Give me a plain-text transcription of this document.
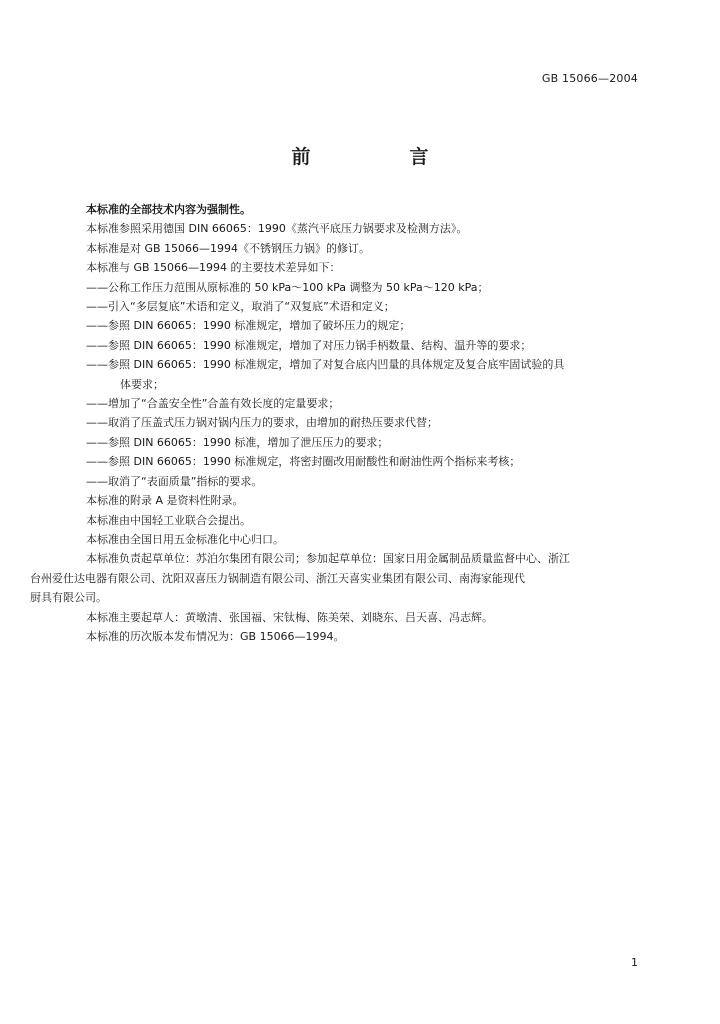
GB 15066—2004
前　言
本标准的全部技术内容为强制性。
本标准参照采用德国 DIN 66065：1990《蒸汽平底压力锅要求及检测方法》。
本标准是对 GB 15066—1994《不锈钢压力锅》的修订。
本标准与 GB 15066—1994 的主要技术差异如下：
——公称工作压力范围从原标准的 50 kPa～100 kPa 调整为 50 kPa～120 kPa；
——引入“多层复底”术语和定义，取消了“双复底”术语和定义；
——参照 DIN 66065：1990 标准规定，增加了破坏压力的规定；
——参照 DIN 66065：1990 标准规定，增加了对压力锅手柄数量、结构、温升等的要求；
——参照 DIN 66065：1990 标准规定，增加了对复合底内凹量的具体规定及复合底牢固试验的具
体要求；
——增加了“合盖安全性”合盖有效长度的定量要求；
——取消了压盖式压力锅对锅内压力的要求，由增加的耐热压要求代替；
——参照 DIN 66065：1990 标准，增加了泄压压力的要求；
——参照 DIN 66065：1990 标准规定，将密封圈改用耐酸性和耐油性两个指标来考核；
——取消了“表面质量”指标的要求。
本标准的附录 A 是资料性附录。
本标准由中国轻工业联合会提出。
本标准由全国日用五金标准化中心归口。
本标准负责起草单位：苏泊尔集团有限公司；参加起草单位：国家日用金属制品质量监督中心、浙江
台州爱仕达电器有限公司、沈阳双喜压力锅制造有限公司、浙江天喜实业集团有限公司、南海家能现代
厨具有限公司。
本标准主要起草人：黄墩清、张国福、宋钛梅、陈美荣、刘晓东、吕天喜、冯志辉。
本标准的历次版本发布情况为：GB 15066—1994。
1
